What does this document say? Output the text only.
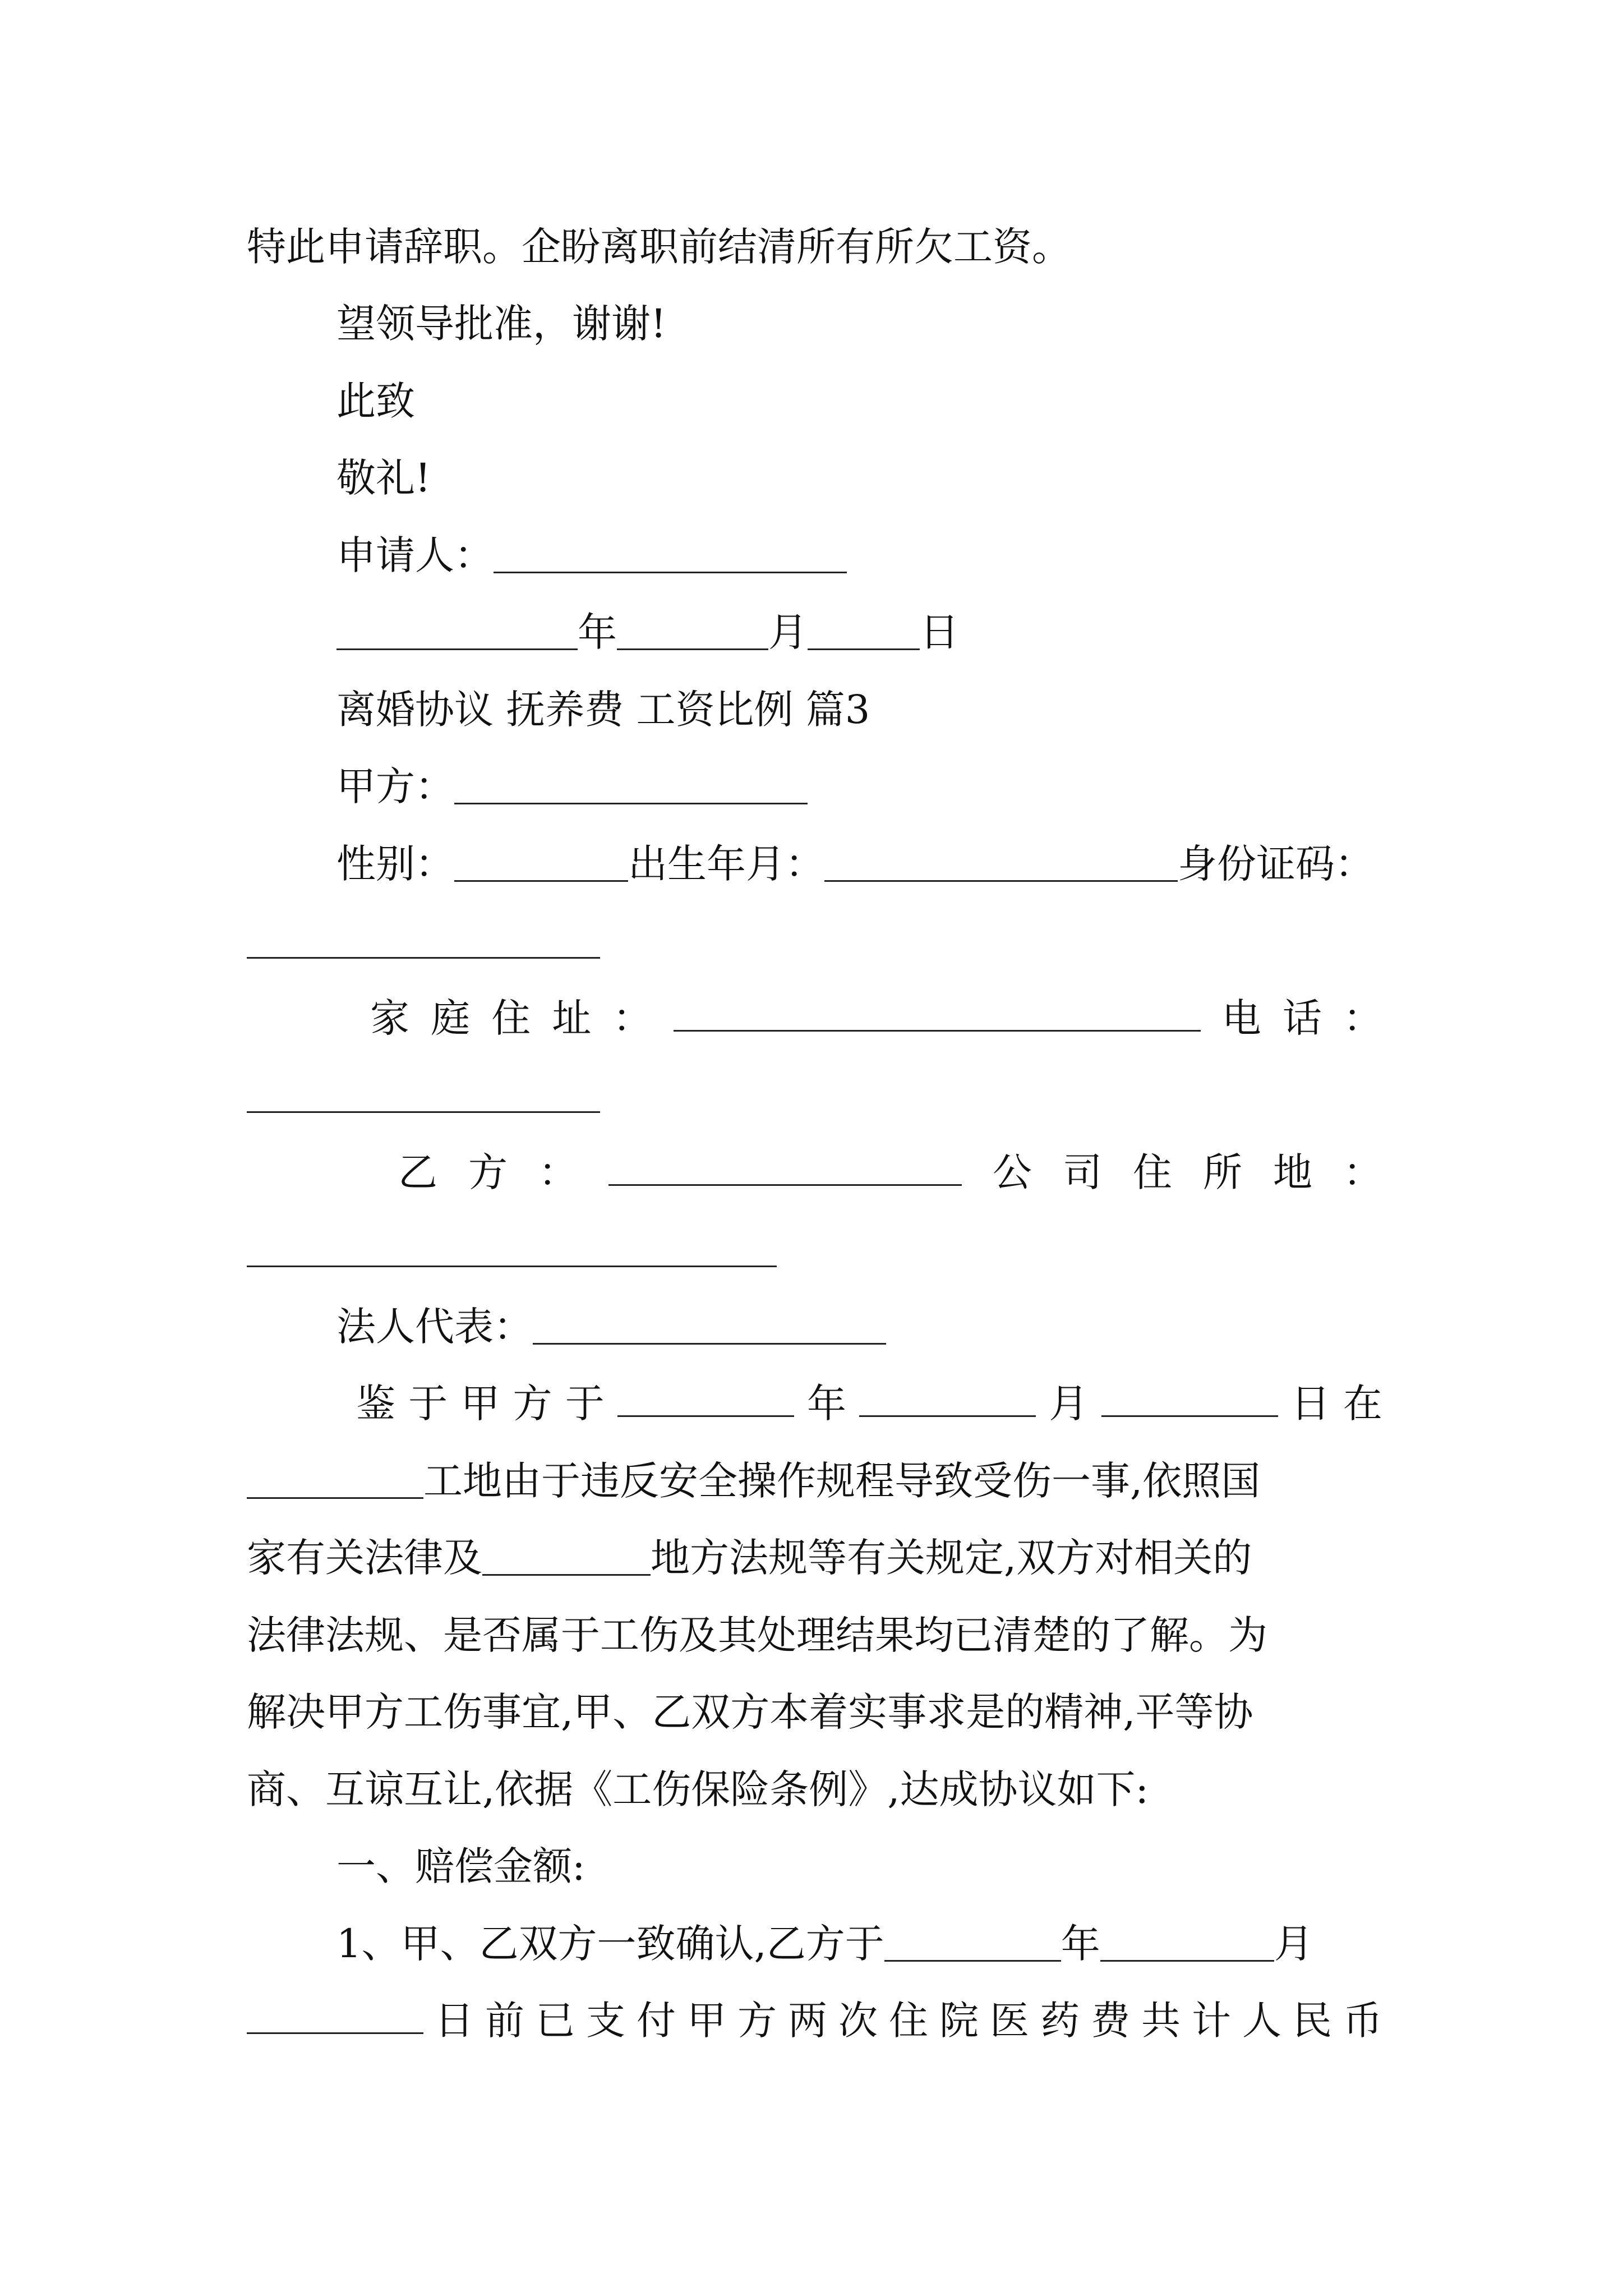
特此申请辞职。企盼离职前结清所有所欠工资。
望领导批准，谢谢!
此致
敬礼!
申请人：
年	月	日
离婚协议 抚养费 工资比例 篇3
甲方：
性别：	出生年月：	身份证码：
家 庭 住 址 ：	电 话 ：
乙 方 ：	公 司 住 所 地 ：
法人代表：
鉴 于 甲 方 于	年	月	日 在
工地由于违反安全操作规程导致受伤一事,依照国
家有关法律及	地方法规等有关规定,双方对相关的
法律法规、是否属于工伤及其处理结果均已清楚的了解。为
解决甲方工伤事宜,甲、乙双方本着实事求是的精神,平等协
商、互谅互让,依据《工伤保险条例》,达成协议如下:
一、赔偿金额:
1、甲、乙双方一致确认,乙方于	年	月
日 前 已 支 付 甲 方 两 次 住 院 医 药 费 共 计 人 民 币
